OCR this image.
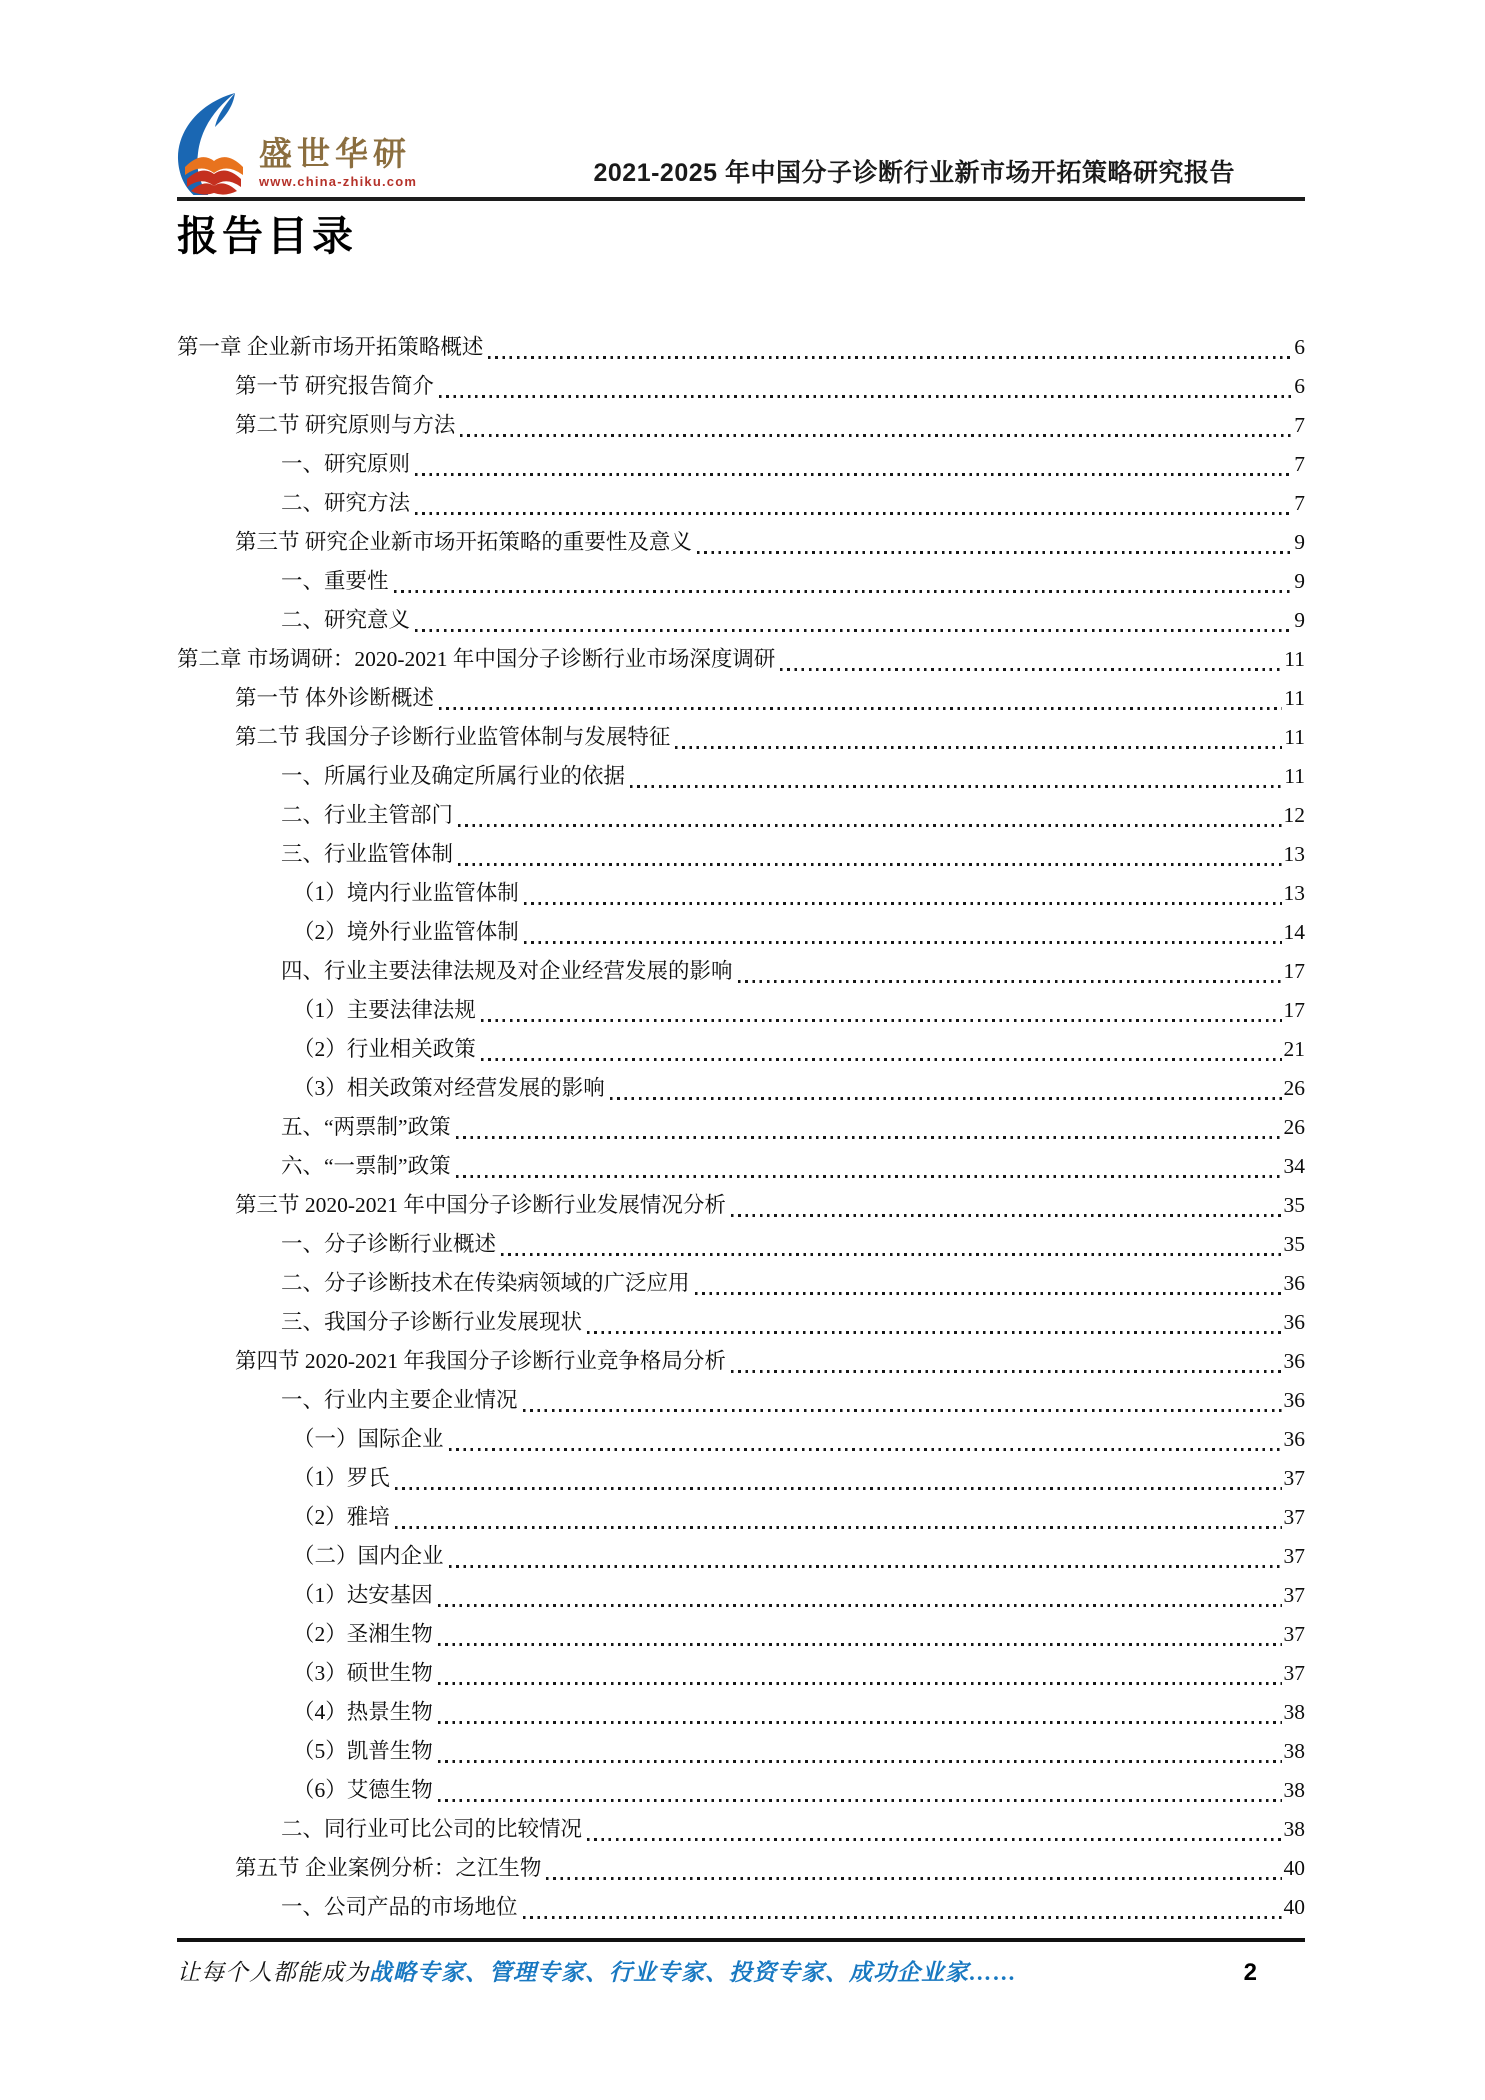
盛世华研
www.china-zhiku.com	2021-2025 年中国分子诊断行业新市场开拓策略研究报告
报告目录
第一章 企业新市场开拓策略概述	6
第一节 研究报告简介	6
第二节 研究原则与方法	7
一、研究原则	7
二、研究方法	7
第三节 研究企业新市场开拓策略的重要性及意义	9
一、重要性	9
二、研究意义	9
第二章 市场调研：2020-2021 年中国分子诊断行业市场深度调研	11
第一节 体外诊断概述	11
第二节 我国分子诊断行业监管体制与发展特征	11
一、所属行业及确定所属行业的依据	11
二、行业主管部门	12
三、行业监管体制	13
（1）境内行业监管体制	13
（2）境外行业监管体制	14
四、行业主要法律法规及对企业经营发展的影响	17
（1）主要法律法规	17
（2）行业相关政策	21
（3）相关政策对经营发展的影响	26
五、“两票制”政策	26
六、“一票制”政策	34
第三节 2020-2021 年中国分子诊断行业发展情况分析	35
一、分子诊断行业概述	35
二、分子诊断技术在传染病领域的广泛应用	36
三、我国分子诊断行业发展现状	36
第四节 2020-2021 年我国分子诊断行业竞争格局分析	36
一、行业内主要企业情况	36
（一）国际企业	36
（1）罗氏	37
（2）雅培	37
（二）国内企业	37
（1）达安基因	37
（2）圣湘生物	37
（3）硕世生物	37
（4）热景生物	38
（5）凯普生物	38
（6）艾德生物	38
二、同行业可比公司的比较情况	38
第五节 企业案例分析：之江生物	40
一、公司产品的市场地位	40
让每个人都能成为战略专家、管理专家、行业专家、投资专家、成功企业家……	2
